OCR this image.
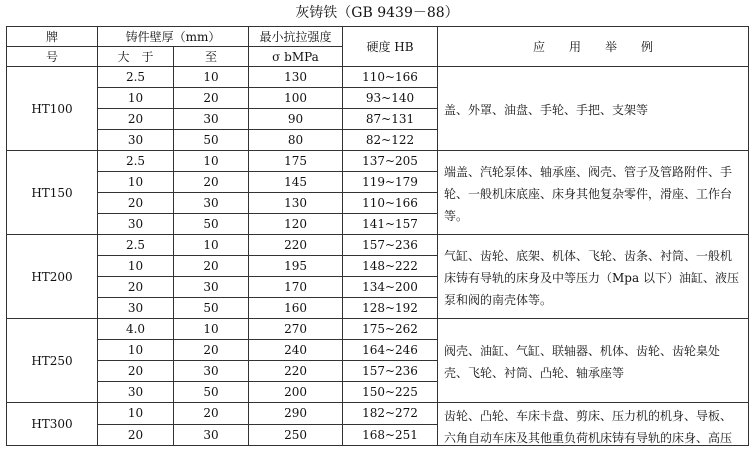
灰铸铁（GB 9439－88）
牌	铸件壁厚（mm）		最小抗拉强度	硬度 HB	应　　用　　举　　例
号	大　于	至	σ bMPa		
HT100	2.5	10	130	110~166	盖、外罩、油盘、手轮、手把、支架等
	10	20	100	93~140	
	20	30	90	87~131	
	30	50	80	82~122	
HT150	2.5	10	175	137~205	端盖、汽轮泵体、轴承座、阀壳、管子及管路附件、手轮、一般机床底座、床身其他复杂零件，滑座、工作台等。
	10	20	145	119~179	
	20	30	130	110~166	
	30	50	120	141~157	
HT200	2.5	10	220	157~236	气缸、齿轮、底架、机体、飞轮、齿条、衬筒、一般机床铸有导轨的床身及中等压力（Mpa 以下）油缸、液压泵和阀的南壳体等。
	10	20	195	148~222	
	20	30	170	134~200	
	30	50	160	128~192	
HT250	4.0	10	270	175~262	阀壳、油缸、气缸、联轴器、机体、齿轮、齿轮臬处壳、飞轮、衬筒、凸轮、轴承座等
	10	20	240	164~246	
	20	30	220	157~236	
	30	50	200	150~225	
HT300	10	20	290	182~272	齿轮、凸轮、车床卡盘、剪床、压力机的机身、导板、六角自动车床及其他重负荷机床铸有导轨的床身、高压

	20	30	250	168~251	
